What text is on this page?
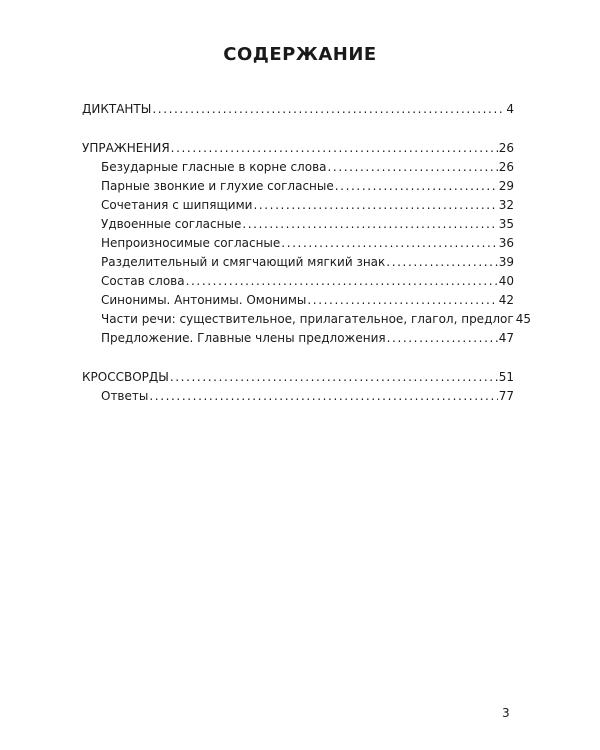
СОДЕРЖАНИЕ
ДИКТАНТЫ .....	4
УПРАЖНЕНИЯ .....	26
Безударные гласные в корне слова .....	26
Парные звонкие и глухие согласные .....	29
Сочетания с шипящими .....	32
Удвоенные согласные .....	35
Непроизносимые согласные .....	36
Разделительный и смягчающий мягкий знак .....	39
Состав слова .....	40
Синонимы. Антонимы. Омонимы .....	42
Части речи: существительное, прилагательное, глагол, предлог 45
Предложение. Главные члены предложения .....	47
КРОССВОРДЫ .....	51
Ответы .....	77
3
